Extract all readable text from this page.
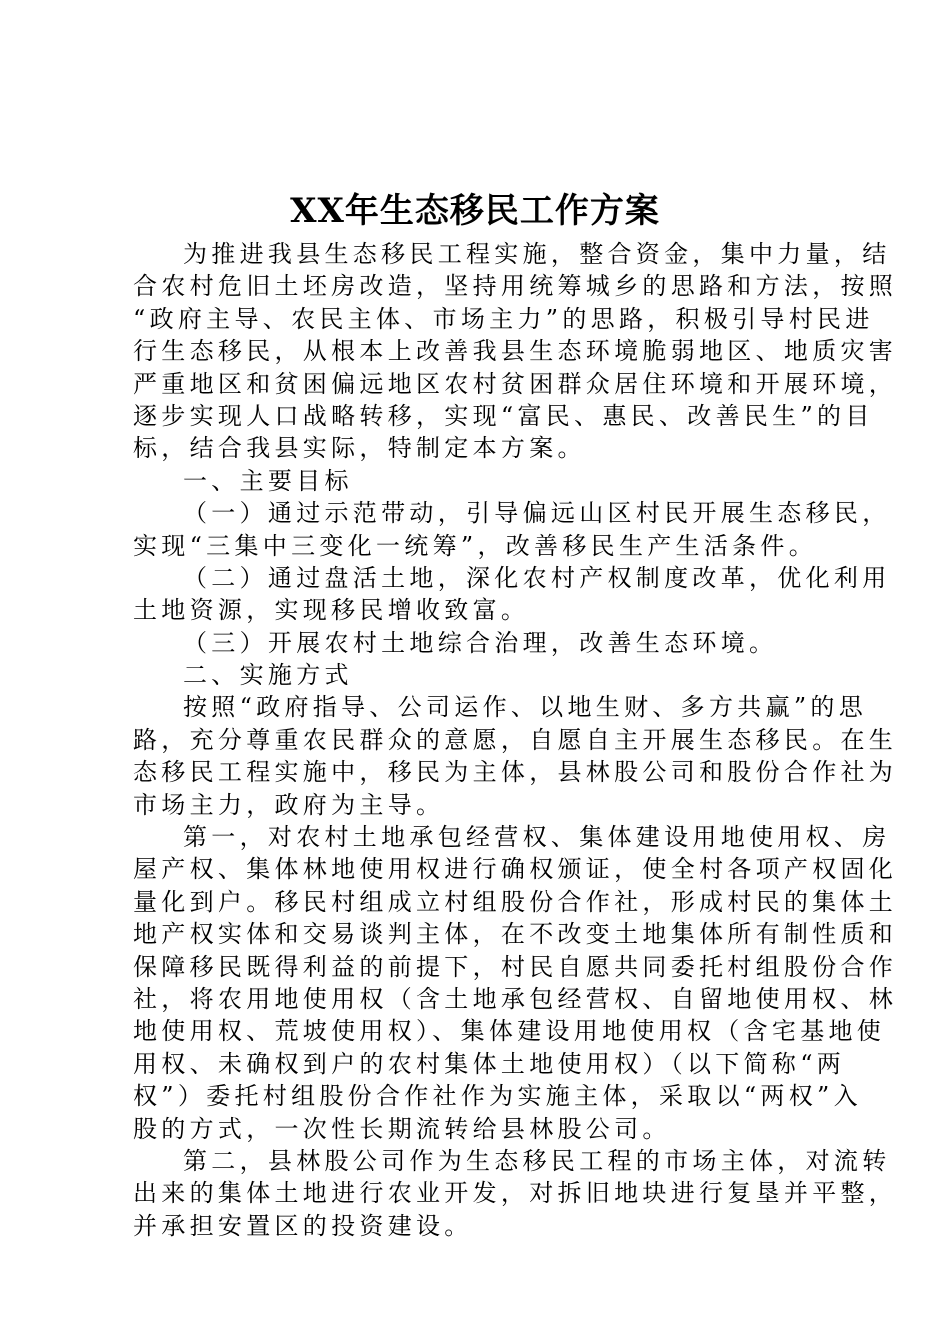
XX年生态移民工作方案
为推进我县生态移民工程实施，整合资金，集中力量，结
合农村危旧土坯房改造，坚持用统筹城乡的思路和方法，按照
“政府主导、农民主体、市场主力”的思路，积极引导村民进
行生态移民，从根本上改善我县生态环境脆弱地区、地质灾害
严重地区和贫困偏远地区农村贫困群众居住环境和开展环境，
逐步实现人口战略转移，实现“富民、惠民、改善民生”的目
标，结合我县实际，特制定本方案。
一、主要目标
（一）通过示范带动，引导偏远山区村民开展生态移民，
实现“三集中三变化一统筹”，改善移民生产生活条件。
（二）通过盘活土地，深化农村产权制度改革，优化利用
土地资源，实现移民增收致富。
（三）开展农村土地综合治理，改善生态环境。
二、实施方式
按照“政府指导、公司运作、以地生财、多方共赢”的思
路，充分尊重农民群众的意愿，自愿自主开展生态移民。在生
态移民工程实施中，移民为主体，县林股公司和股份合作社为
市场主力，政府为主导。
第一，对农村土地承包经营权、集体建设用地使用权、房
屋产权、集体林地使用权进行确权颁证，使全村各项产权固化
量化到户。移民村组成立村组股份合作社，形成村民的集体土
地产权实体和交易谈判主体，在不改变土地集体所有制性质和
保障移民既得利益的前提下，村民自愿共同委托村组股份合作
社，将农用地使用权（含土地承包经营权、自留地使用权、林
地使用权、荒坡使用权）、集体建设用地使用权（含宅基地使
用权、未确权到户的农村集体土地使用权）（以下简称“两
权”）委托村组股份合作社作为实施主体，采取以“两权”入
股的方式，一次性长期流转给县林股公司。
第二，县林股公司作为生态移民工程的市场主体，对流转
出来的集体土地进行农业开发，对拆旧地块进行复垦并平整，
并承担安置区的投资建设。
